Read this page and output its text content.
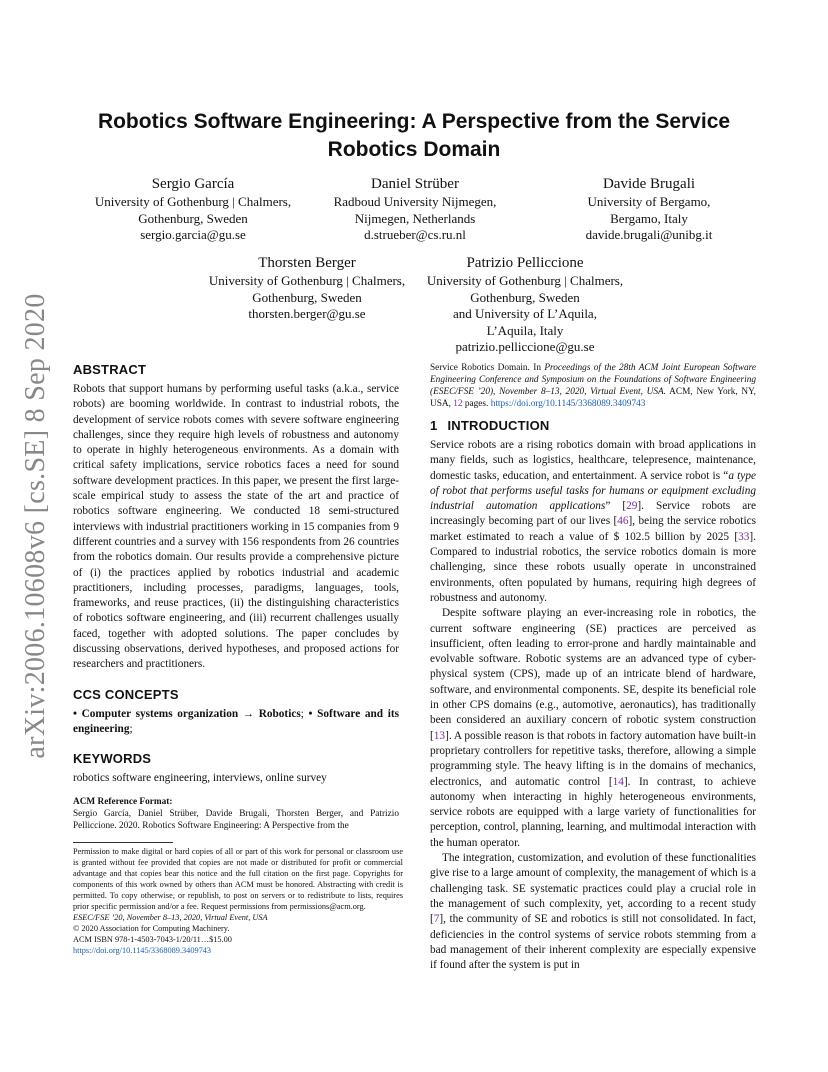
arXiv:2006.10608v6 [cs.SE] 8 Sep 2020
Robotics Software Engineering: A Perspective from the Service Robotics Domain
Sergio García
University of Gothenburg | Chalmers,
Gothenburg, Sweden
sergio.garcia@gu.se
Daniel Strüber
Radboud University Nijmegen,
Nijmegen, Netherlands
d.strueber@cs.ru.nl
Davide Brugali
University of Bergamo,
Bergamo, Italy
davide.brugali@unibg.it
Thorsten Berger
University of Gothenburg | Chalmers,
Gothenburg, Sweden
thorsten.berger@gu.se
Patrizio Pelliccione
University of Gothenburg | Chalmers,
Gothenburg, Sweden
and University of L’Aquila,
L’Aquila, Italy
patrizio.pelliccione@gu.se
ABSTRACT

Robots that support humans by performing useful tasks (a.k.a., service robots) are booming worldwide. In contrast to industrial robots, the development of service robots comes with severe software engineering challenges, since they require high levels of robustness and autonomy to operate in highly heterogeneous environments. As a domain with critical safety implications, service robotics faces a need for sound software development practices. In this paper, we present the first large-scale empirical study to assess the state of the art and practice of robotics software engineering. We conducted 18 semi-structured interviews with industrial practitioners working in 15 companies from 9 different countries and a survey with 156 respondents from 26 countries from the robotics domain. Our results provide a comprehensive picture of (i) the practices applied by robotics industrial and academic practitioners, including processes, paradigms, languages, tools, frameworks, and reuse practices, (ii) the distinguishing characteristics of robotics software engineering, and (iii) recurrent challenges usually faced, together with adopted solutions. The paper concludes by discussing observations, derived hypotheses, and proposed actions for researchers and practitioners.

CCS CONCEPTS

• Computer systems organization → Robotics; • Software and its engineering;

KEYWORDS

robotics software engineering, interviews, online survey

ACM Reference Format:

Sergio García, Daniel Strüber, Davide Brugali, Thorsten Berger, and Patrizio Pelliccione. 2020. Robotics Software Engineering: A Perspective from the

Permission to make digital or hard copies of all or part of this work for personal or classroom use is granted without fee provided that copies are not made or distributed for profit or commercial advantage and that copies bear this notice and the full citation on the first page. Copyrights for components of this work owned by others than ACM must be honored. Abstracting with credit is permitted. To copy otherwise, or republish, to post on servers or to redistribute to lists, requires prior specific permission and/or a fee. Request permissions from permissions@acm.org.

ESEC/FSE ’20, November 8–13, 2020, Virtual Event, USA

© 2020 Association for Computing Machinery.

ACM ISBN 978-1-4503-7043-1/20/11…$15.00

https://doi.org/10.1145/3368089.3409743

Service Robotics Domain. In Proceedings of the 28th ACM Joint European Software Engineering Conference and Symposium on the Foundations of Software Engineering (ESEC/FSE ’20), November 8–13, 2020, Virtual Event, USA. ACM, New York, NY, USA, 12 pages. https://doi.org/10.1145/3368089.3409743

1 INTRODUCTION

Service robots are a rising robotics domain with broad applications in many fields, such as logistics, healthcare, telepresence, maintenance, domestic tasks, education, and entertainment. A service robot is “a type of robot that performs useful tasks for humans or equipment excluding industrial automation applications” [29]. Service robots are increasingly becoming part of our lives [46], being the service robotics market estimated to reach a value of $ 102.5 billion by 2025 [33]. Compared to industrial robotics, the service robotics domain is more challenging, since these robots usually operate in unconstrained environments, often populated by humans, requiring high degrees of robustness and autonomy.

Despite software playing an ever-increasing role in robotics, the current software engineering (SE) practices are perceived as insufficient, often leading to error-prone and hardly maintainable and evolvable software. Robotic systems are an advanced type of cyber-physical system (CPS), made up of an intricate blend of hardware, software, and environmental components. SE, despite its beneficial role in other CPS domains (e.g., automotive, aeronautics), has traditionally been considered an auxiliary concern of robotic system construction [13]. A possible reason is that robots in factory automation have built-in proprietary controllers for repetitive tasks, therefore, allowing a simple programming style. The heavy lifting is in the domains of mechanics, electronics, and automatic control [14]. In contrast, to achieve autonomy when interacting in highly heterogeneous environments, service robots are equipped with a large variety of functionalities for perception, control, planning, learning, and multimodal interaction with the human operator.

The integration, customization, and evolution of these functionalities give rise to a large amount of complexity, the management of which is a challenging task. SE systematic practices could play a crucial role in the management of such complexity, yet, according to a recent study [7], the community of SE and robotics is still not consolidated. In fact, deficiencies in the control systems of service robots stemming from a bad management of their inherent complexity are especially expensive if found after the system is put in
